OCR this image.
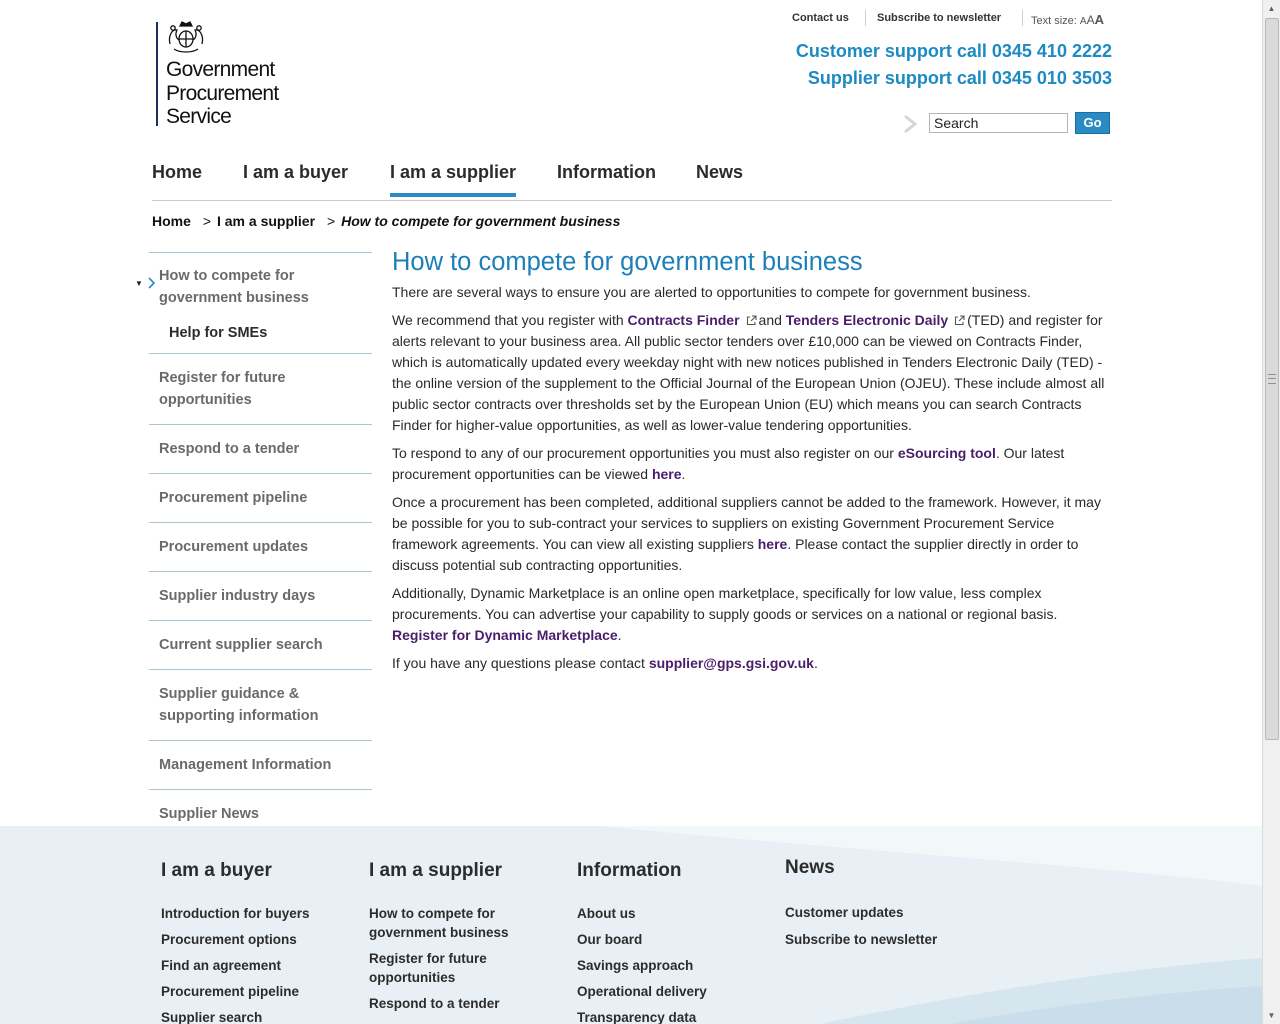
Government
Procurement
Service
Contact us	Subscribe to newsletter	Text size: AAA
Customer support call 0345 410 2222
Supplier support call 0345 010 3503
Search
Go
Home I am a buyer I am a supplier Information News
Home > I am a supplier > How to compete for government business
▼ How to compete for
government business
Help for SMEs
Register for future opportunities
Respond to a tender
Procurement pipeline
Procurement updates
Supplier industry days
Current supplier search
Supplier guidance & supporting information
Management Information
Supplier News
How to compete for government business

There are several ways to ensure you are alerted to opportunities to compete for government business.

We recommend that you register with Contracts Finder and Tenders Electronic Daily (TED) and register for alerts relevant to your business area. All public sector tenders over £10,000 can be viewed on Contracts Finder, which is automatically updated every weekday night with new notices published in Tenders Electronic Daily (TED) - the online version of the supplement to the Official Journal of the European Union (OJEU). These include almost all public sector contracts over thresholds set by the European Union (EU) which means you can search Contracts Finder for higher-value opportunities, as well as lower-value tendering opportunities.

To respond to any of our procurement opportunities you must also register on our eSourcing tool. Our latest procurement opportunities can be viewed here.

Once a procurement has been completed, additional suppliers cannot be added to the framework. However, it may be possible for you to sub-contract your services to suppliers on existing Government Procurement Service framework agreements. You can view all existing suppliers here. Please contact the supplier directly in order to discuss potential sub contracting opportunities.

Additionally, Dynamic Marketplace is an online open marketplace, specifically for low value, less complex procurements. You can advertise your capability to supply goods or services on a national or regional basis. Register for Dynamic Marketplace.

If you have any questions please contact supplier@gps.gsi.gov.uk.

I am a buyer
Introduction for buyers
Procurement options
Find an agreement
Procurement pipeline
Supplier search
I am a supplier
How to compete for government business
Register for future opportunities
Respond to a tender
Information
About us
Our board
Savings approach
Operational delivery
Transparency data
News
Customer updates
Subscribe to newsletter
▲
▼
